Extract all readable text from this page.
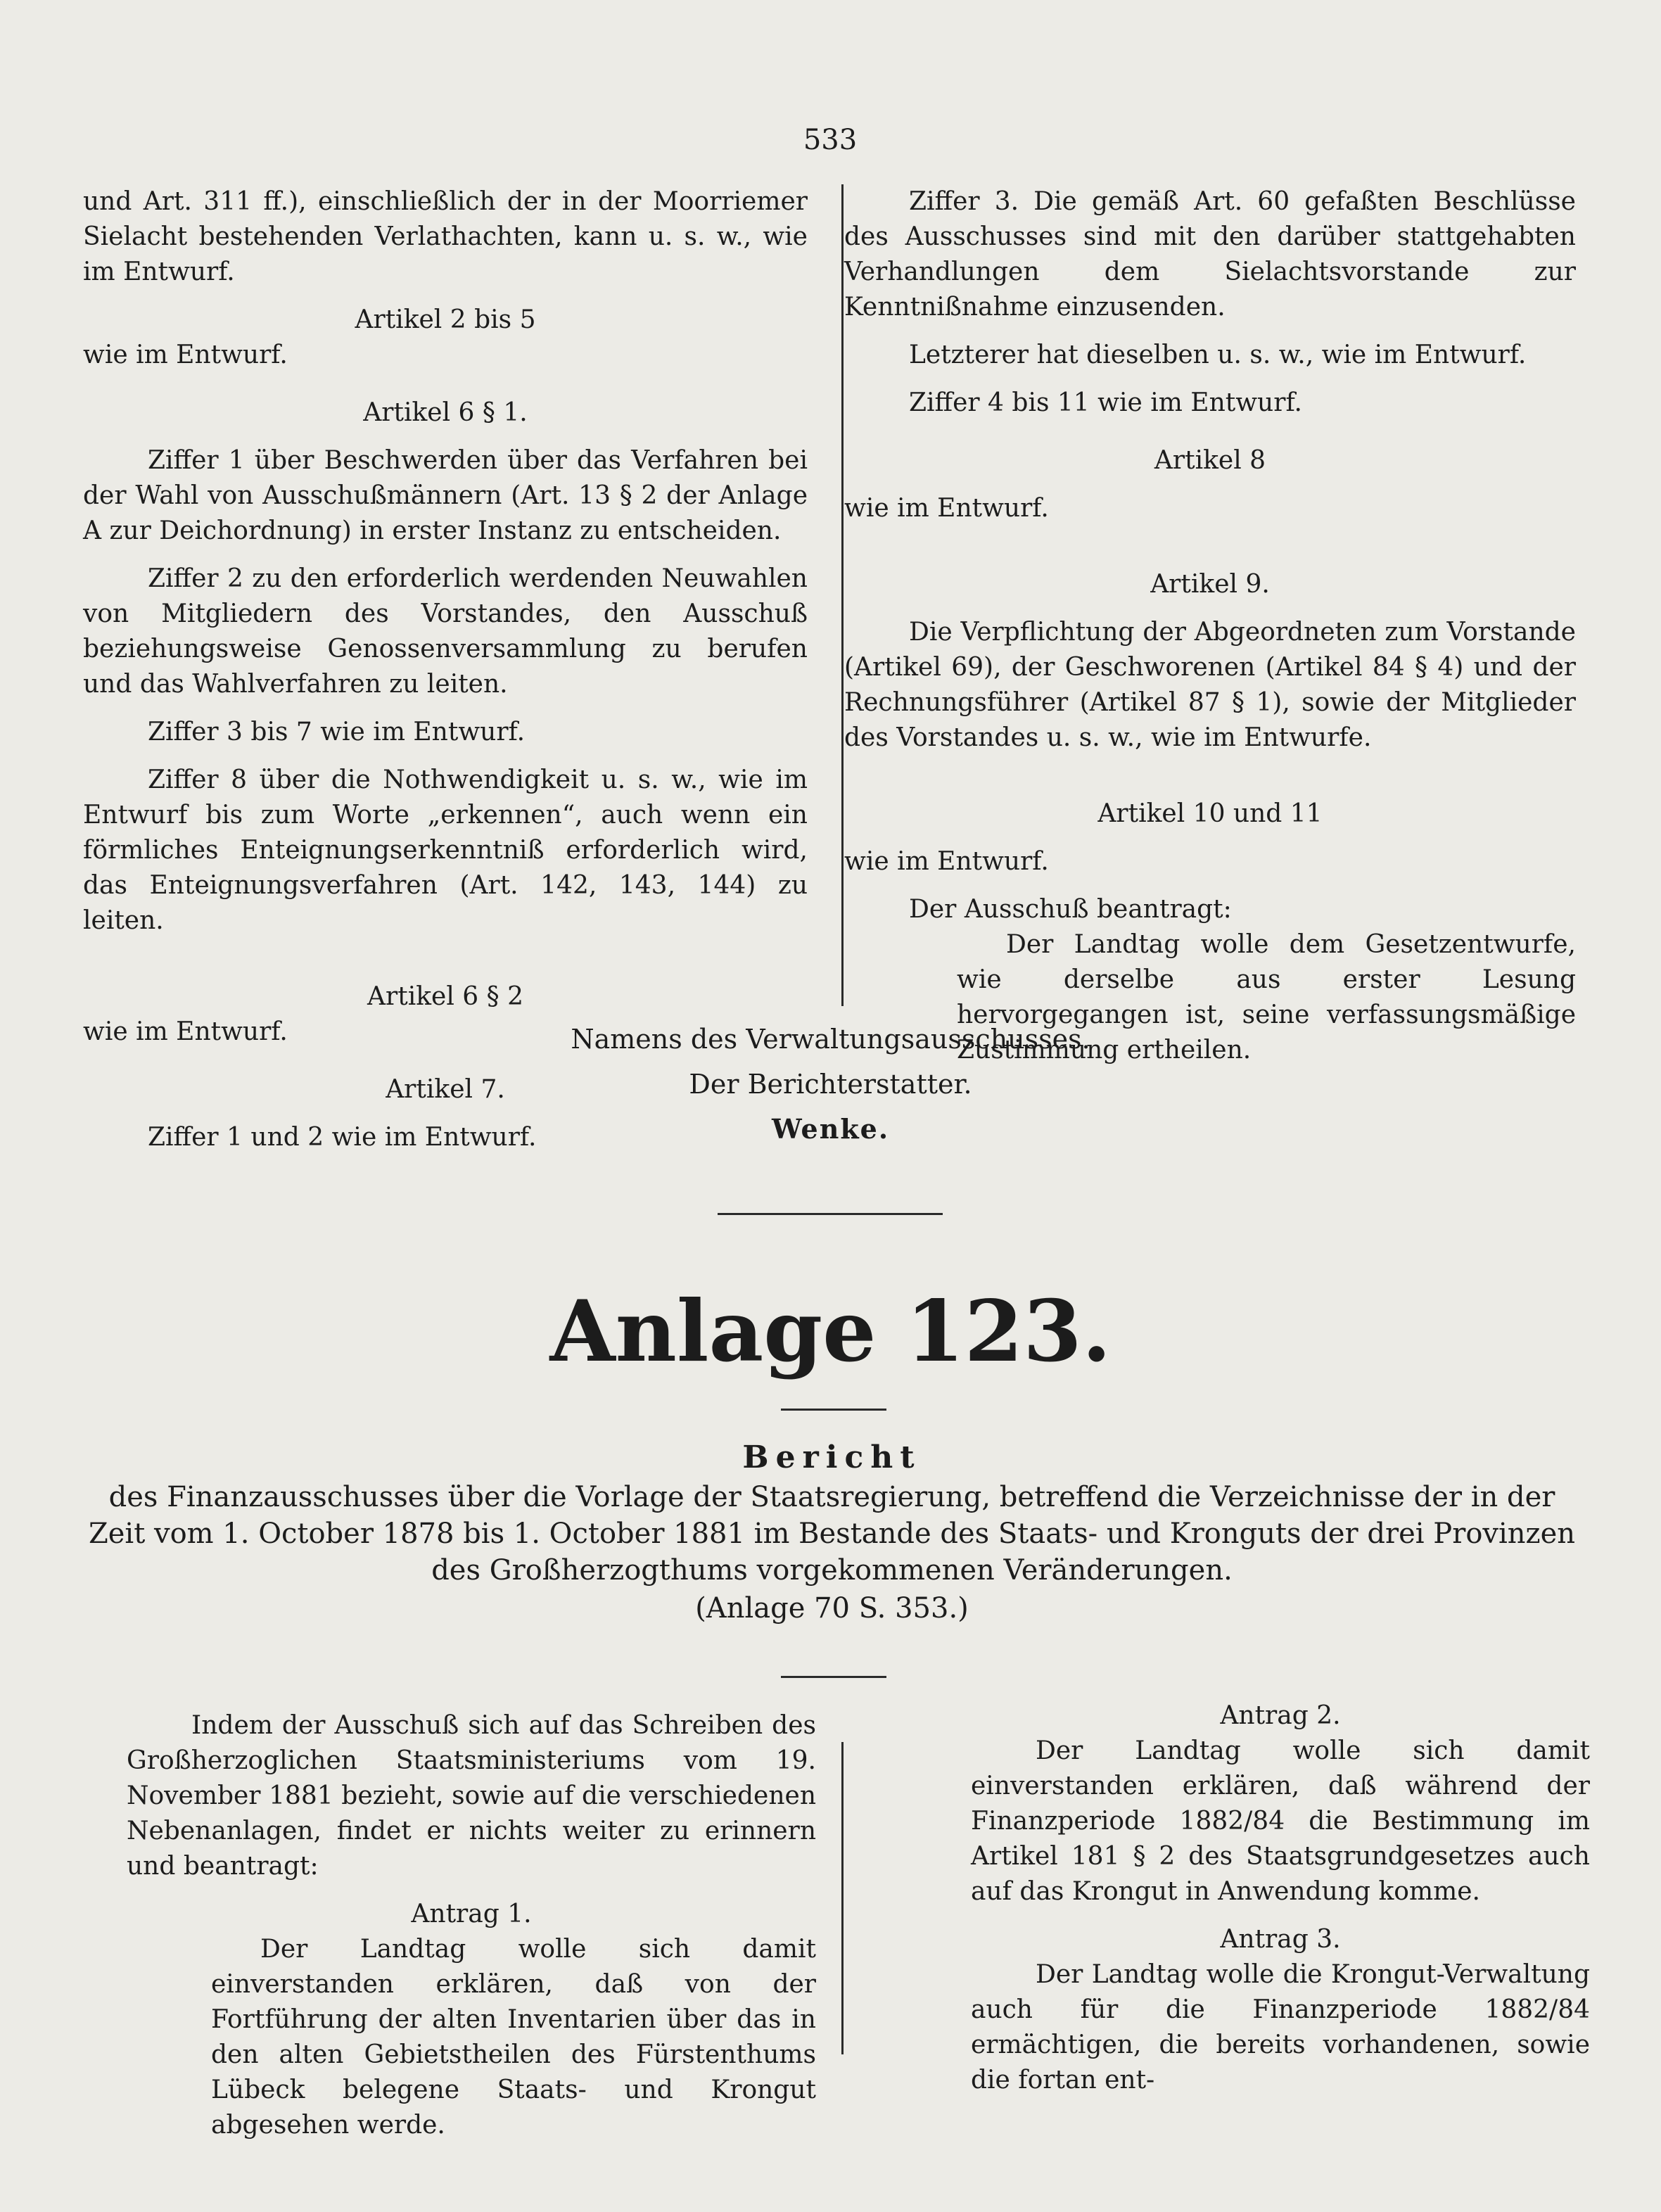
533

und Art. 311 ff.), einschließlich der in der Moorriemer Sielacht bestehenden Verlathachten, kann u. s. w., wie im Entwurf.

Artikel 2 bis 5

wie im Entwurf.

Artikel 6 § 1.

Ziffer 1 über Beschwerden über das Verfahren bei der Wahl von Ausschußmännern (Art. 13 § 2 der Anlage A zur Deichordnung) in erster Instanz zu entscheiden.

Ziffer 2 zu den erforderlich werdenden Neuwahlen von Mitgliedern des Vorstandes, den Ausschuß beziehungsweise Genossenversammlung zu berufen und das Wahlverfahren zu leiten.

Ziffer 3 bis 7 wie im Entwurf.

Ziffer 8 über die Nothwendigkeit u. s. w., wie im Entwurf bis zum Worte „erkennen“, auch wenn ein förmliches Enteignungserkenntniß erforderlich wird, das Enteignungsverfahren (Art. 142, 143, 144) zu leiten.

Artikel 6 § 2

wie im Entwurf.

Artikel 7.

Ziffer 1 und 2 wie im Entwurf.

Ziffer 3. Die gemäß Art. 60 gefaßten Beschlüsse des Ausschusses sind mit den darüber stattgehabten Verhandlungen dem Sielachtsvorstande zur Kenntnißnahme einzusenden.

Letzterer hat dieselben u. s. w., wie im Entwurf.

Ziffer 4 bis 11 wie im Entwurf.

Artikel 8

wie im Entwurf.

Artikel 9.

Die Verpflichtung der Abgeordneten zum Vorstande (Artikel 69), der Geschworenen (Artikel 84 § 4) und der Rechnungsführer (Artikel 87 § 1), sowie der Mitglieder des Vorstandes u. s. w., wie im Entwurfe.

Artikel 10 und 11

wie im Entwurf.

Der Ausschuß beantragt:

Der Landtag wolle dem Gesetzentwurfe, wie derselbe aus erster Lesung hervorgegangen ist, seine verfassungsmäßige Zustimmung ertheilen.

Namens des Verwaltungsausschusses.
Der Berichterstatter.
Wenke.
Anlage 123.

Bericht

des Finanzausschusses über die Vorlage der Staatsregierung, betreffend die Verzeichnisse der in der Zeit vom 1. October 1878 bis 1. October 1881 im Bestande des Staats- und Kronguts der drei Provinzen des Großherzogthums vorgekommenen Veränderungen.

(Anlage 70 S. 353.)

Indem der Ausschuß sich auf das Schreiben des Großherzoglichen Staatsministeriums vom 19. November 1881 bezieht, sowie auf die verschiedenen Nebenanlagen, findet er nichts weiter zu erinnern und beantragt:

Antrag 1.

Der Landtag wolle sich damit einverstanden erklären, daß von der Fortführung der alten Inventarien über das in den alten Gebietstheilen des Fürstenthums Lübeck belegene Staats- und Krongut abgesehen werde.

Antrag 2.

Der Landtag wolle sich damit einverstanden erklären, daß während der Finanzperiode 1882/84 die Bestimmung im Artikel 181 § 2 des Staatsgrundgesetzes auch auf das Krongut in Anwendung komme.

Antrag 3.

Der Landtag wolle die Krongut-Verwaltung auch für die Finanzperiode 1882/84 ermächtigen, die bereits vorhandenen, sowie die fortan ent-
